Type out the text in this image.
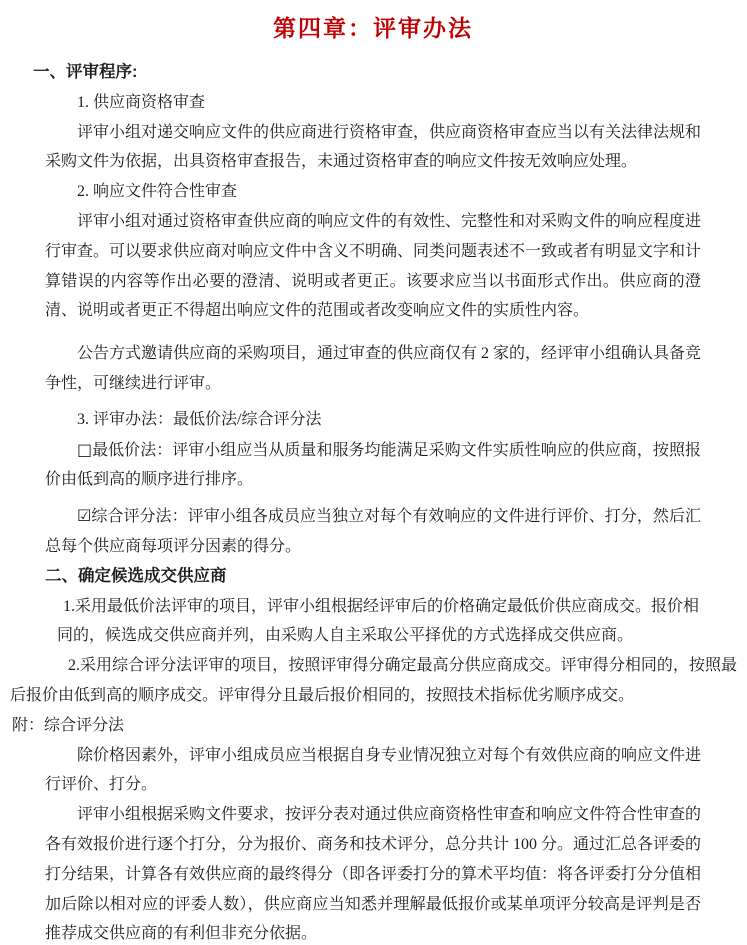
第四章：评审办法
一、评审程序:
1. 供应商资格审查
评审小组对递交响应文件的供应商进行资格审查，供应商资格审查应当以有关法律法规和采购文件为依据，出具资格审查报告，未通过资格审查的响应文件按无效响应处理。
2. 响应文件符合性审查
评审小组对通过资格审查供应商的响应文件的有效性、完整性和对采购文件的响应程度进行审查。可以要求供应商对响应文件中含义不明确、同类问题表述不一致或者有明显文字和计算错误的内容等作出必要的澄清、说明或者更正。该要求应当以书面形式作出。供应商的澄清、说明或者更正不得超出响应文件的范围或者改变响应文件的实质性内容。
公告方式邀请供应商的采购项目，通过审查的供应商仅有 2 家的，经评审小组确认具备竞争性，可继续进行评审。
3. 评审办法：最低价法/综合评分法
□最低价法：评审小组应当从质量和服务均能满足采购文件实质性响应的供应商，按照报价由低到高的顺序进行排序。
☑综合评分法：评审小组各成员应当独立对每个有效响应的文件进行评价、打分，然后汇总每个供应商每项评分因素的得分。
二、确定候选成交供应商
1.采用最低价法评审的项目，评审小组根据经评审后的价格确定最低价供应商成交。报价相同的，候选成交供应商并列，由采购人自主采取公平择优的方式选择成交供应商。
2.采用综合评分法评审的项目，按照评审得分确定最高分供应商成交。评审得分相同的，按照最后报价由低到高的顺序成交。评审得分且最后报价相同的，按照技术指标优劣顺序成交。
附：综合评分法
除价格因素外，评审小组成员应当根据自身专业情况独立对每个有效供应商的响应文件进行评价、打分。
评审小组根据采购文件要求，按评分表对通过供应商资格性审查和响应文件符合性审查的各有效报价进行逐个打分，分为报价、商务和技术评分，总分共计 100 分。通过汇总各评委的打分结果，计算各有效供应商的最终得分（即各评委打分的算术平均值：将各评委打分分值相加后除以相对应的评委人数），供应商应当知悉并理解最低报价或某单项评分较高是评判是否推荐成交供应商的有利但非充分依据。
